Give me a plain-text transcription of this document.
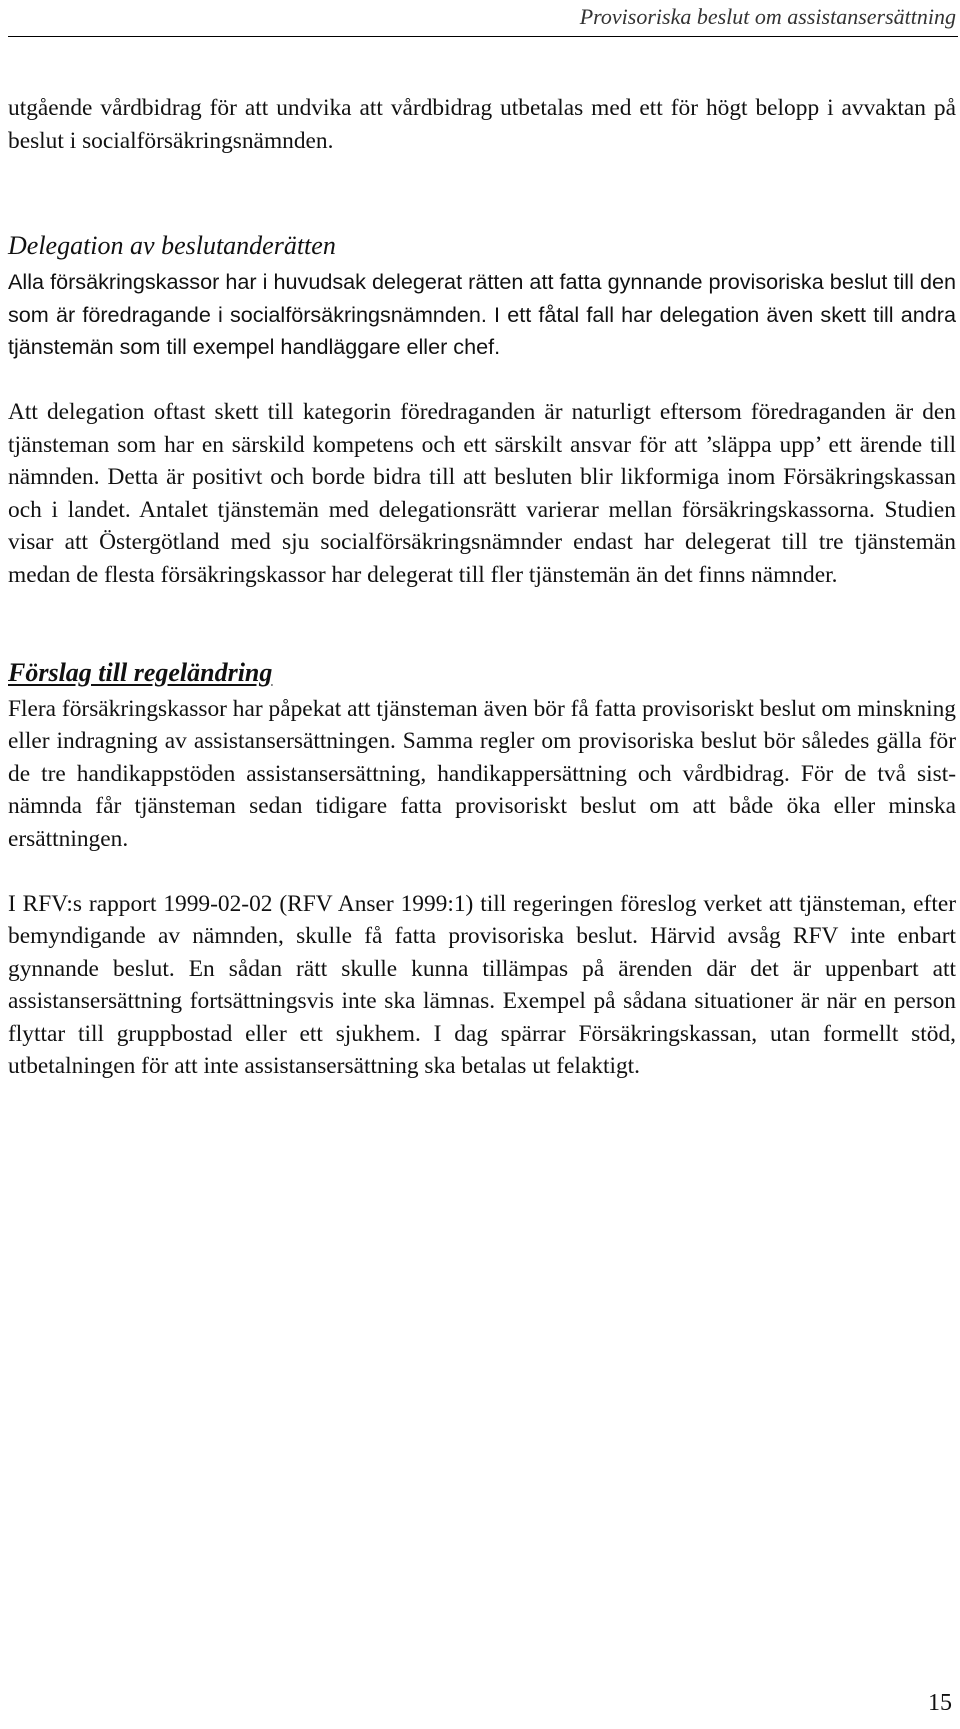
Provisoriska beslut om assistansersättning

utgående vårdbidrag för att undvika att vårdbidrag utbetalas med ett för högt belopp i avvaktan på beslut i socialförsäkringsnämnden.

Delegation av beslutanderätten

Alla försäkringskassor har i huvudsak delegerat rätten att fatta gynnande provisoriska beslut till den som är föredragande i socialförsäkringsnämnden. I ett fåtal fall har delegation även skett till andra tjänstemän som till exempel handläggare eller chef.

Att delegation oftast skett till kategorin föredraganden är naturligt eftersom föredraganden är den tjänsteman som har en särskild kompetens och ett särskilt ansvar för att ’släppa upp’ ett ärende till nämnden. Detta är positivt och borde bidra till att besluten blir likformiga inom Försäkringskassan och i landet. Antalet tjänstemän med delegationsrätt varierar mellan försäkringskassorna. Studien visar att Östergötland med sju socialförsäkringsnämnder endast har delegerat till tre tjänstemän medan de flesta försäkringskassor har delegerat till fler tjänstemän än det finns nämnder.

Förslag till regeländring

Flera försäkringskassor har påpekat att tjänsteman även bör få fatta provisoriskt beslut om minskning eller indragning av assistansersättningen. Samma regler om provisoriska beslut bör således gälla för de tre handikappstöden assistansersättning, handikappersättning och vårdbidrag. För de två sistnämnda får tjänsteman sedan tidigare fatta provisoriskt beslut om att både öka eller minska ersättningen.

I RFV:s rapport 1999-02-02 (RFV Anser 1999:1) till regeringen föreslog verket att tjänsteman, efter bemyndigande av nämnden, skulle få fatta provisoriska beslut. Härvid avsåg RFV inte enbart gynnande beslut. En sådan rätt skulle kunna tillämpas på ärenden där det är uppenbart att assistansersättning fortsättningsvis inte ska lämnas. Exempel på sådana situationer är när en person flyttar till gruppbostad eller ett sjukhem. I dag spärrar Försäkringskassan, utan formellt stöd, utbetalningen för att inte assistansersättning ska betalas ut felaktigt.

15
